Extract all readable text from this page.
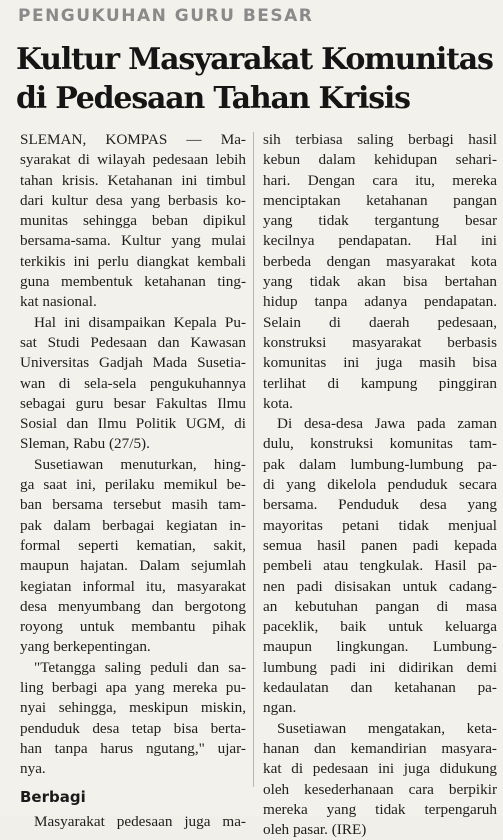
PENGUKUHAN GURU BESAR
Kultur Masyarakat Komunitas
di Pedesaan Tahan Krisis
SLEMAN, KOMPAS — Ma-
syarakat di wilayah pedesaan lebih
tahan krisis. Ketahanan ini timbul
dari kultur desa yang berbasis ko-
munitas sehingga beban dipikul
bersama-sama. Kultur yang mulai
terkikis ini perlu diangkat kembali
guna membentuk ketahanan ting-
kat nasional.
Hal ini disampaikan Kepala Pu-
sat Studi Pedesaan dan Kawasan
Universitas Gadjah Mada Susetia-
wan di sela-sela pengukuhannya
sebagai guru besar Fakultas Ilmu
Sosial dan Ilmu Politik UGM, di
Sleman, Rabu (27/5).
Susetiawan menuturkan, hing-
ga saat ini, perilaku memikul be-
ban bersama tersebut masih tam-
pak dalam berbagai kegiatan in-
formal seperti kematian, sakit,
maupun hajatan. Dalam sejumlah
kegiatan informal itu, masyarakat
desa menyumbang dan bergotong
royong untuk membantu pihak
yang berkepentingan.
"Tetangga saling peduli dan sa-
ling berbagi apa yang mereka pu-
nyai sehingga, meskipun miskin,
penduduk desa tetap bisa berta-
han tanpa harus ngutang," ujar-
nya.
Berbagi
Masyarakat pedesaan juga ma-
sih terbiasa saling berbagi hasil
kebun dalam kehidupan sehari-
hari. Dengan cara itu, mereka
menciptakan ketahanan pangan
yang tidak tergantung besar
kecilnya pendapatan. Hal ini
berbeda dengan masyarakat kota
yang tidak akan bisa bertahan
hidup tanpa adanya pendapatan.
Selain di daerah pedesaan,
konstruksi masyarakat berbasis
komunitas ini juga masih bisa
terlihat di kampung pinggiran
kota.
Di desa-desa Jawa pada zaman
dulu, konstruksi komunitas tam-
pak dalam lumbung-lumbung pa-
di yang dikelola penduduk secara
bersama. Penduduk desa yang
mayoritas petani tidak menjual
semua hasil panen padi kepada
pembeli atau tengkulak. Hasil pa-
nen padi disisakan untuk cadang-
an kebutuhan pangan di masa
paceklik, baik untuk keluarga
maupun lingkungan. Lumbung-
lumbung padi ini didirikan demi
kedaulatan dan ketahanan pa-
ngan.
Susetiawan mengatakan, keta-
hanan dan kemandirian masyara-
kat di pedesaan ini juga didukung
oleh kesederhanaan cara berpikir
mereka yang tidak terpengaruh
oleh pasar. (IRE)
